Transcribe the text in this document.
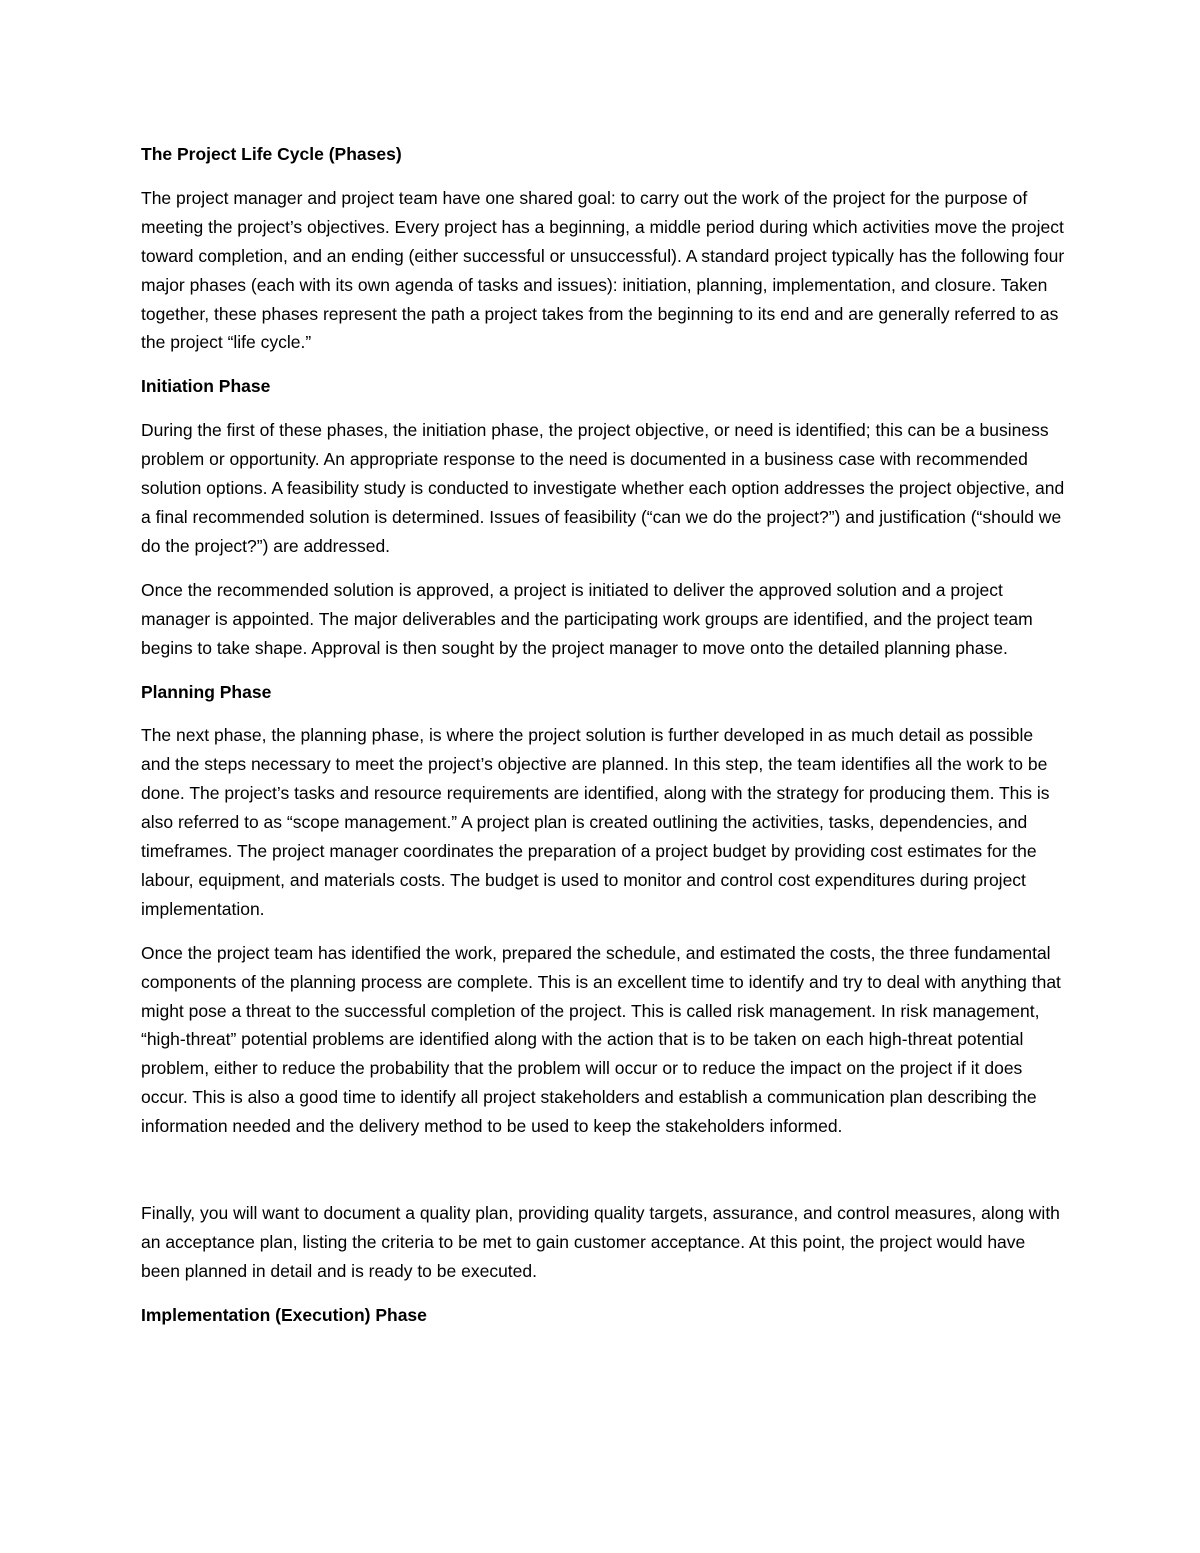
The Project Life Cycle (Phases)

The project manager and project team have one shared goal: to carry out the work of the project for the purpose of meeting the project’s objectives. Every project has a beginning, a middle period during which activities move the project toward completion, and an ending (either successful or unsuccessful). A standard project typically has the following four major phases (each with its own agenda of tasks and issues): initiation, planning, implementation, and closure. Taken together, these phases represent the path a project takes from the beginning to its end and are generally referred to as the project “life cycle.”

Initiation Phase

During the first of these phases, the initiation phase, the project objective, or need is identified; this can be a business problem or opportunity. An appropriate response to the need is documented in a business case with recommended solution options. A feasibility study is conducted to investigate whether each option addresses the project objective, and a final recommended solution is determined. Issues of feasibility (“can we do the project?”) and justification (“should we do the project?”) are addressed.

Once the recommended solution is approved, a project is initiated to deliver the approved solution and a project manager is appointed. The major deliverables and the participating work groups are identified, and the project team begins to take shape. Approval is then sought by the project manager to move onto the detailed planning phase.

Planning Phase

The next phase, the planning phase, is where the project solution is further developed in as much detail as possible and the steps necessary to meet the project’s objective are planned. In this step, the team identifies all the work to be done. The project’s tasks and resource requirements are identified, along with the strategy for producing them. This is also referred to as “scope management.” A project plan is created outlining the activities, tasks, dependencies, and timeframes. The project manager coordinates the preparation of a project budget by providing cost estimates for the labour, equipment, and materials costs. The budget is used to monitor and control cost expenditures during project implementation.

Once the project team has identified the work, prepared the schedule, and estimated the costs, the three fundamental components of the planning process are complete. This is an excellent time to identify and try to deal with anything that might pose a threat to the successful completion of the project. This is called risk management. In risk management, “high-threat” potential problems are identified along with the action that is to be taken on each high-threat potential problem, either to reduce the probability that the problem will occur or to reduce the impact on the project if it does occur. This is also a good time to identify all project stakeholders and establish a communication plan describing the information needed and the delivery method to be used to keep the stakeholders informed.

Finally, you will want to document a quality plan, providing quality targets, assurance, and control measures, along with an acceptance plan, listing the criteria to be met to gain customer acceptance. At this point, the project would have been planned in detail and is ready to be executed.

Implementation (Execution) Phase
